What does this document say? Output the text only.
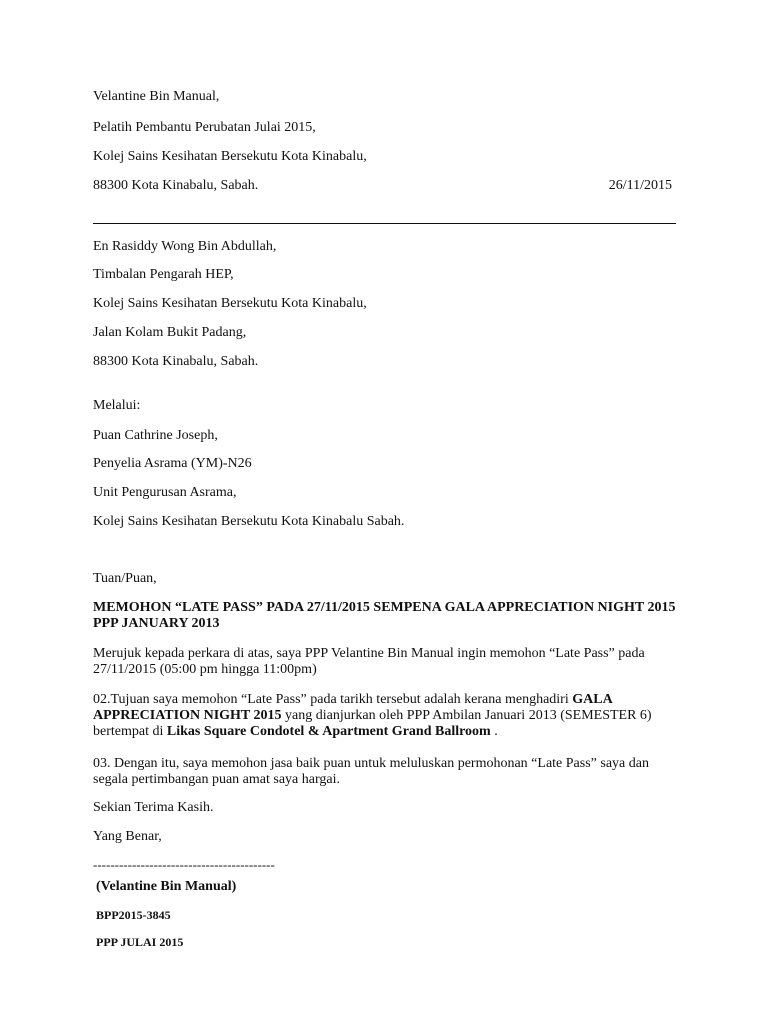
Velantine Bin Manual,
Pelatih Pembantu Perubatan Julai 2015,
Kolej Sains Kesihatan Bersekutu Kota Kinabalu,
88300 Kota Kinabalu, Sabah.	26/11/2015
En Rasiddy Wong Bin Abdullah,
Timbalan Pengarah HEP,
Kolej Sains Kesihatan Bersekutu Kota Kinabalu,
Jalan Kolam Bukit Padang,
88300 Kota Kinabalu, Sabah.
Melalui:
Puan Cathrine Joseph,
Penyelia Asrama (YM)-N26
Unit Pengurusan Asrama,
Kolej Sains Kesihatan Bersekutu Kota Kinabalu Sabah.
Tuan/Puan,
MEMOHON “LATE PASS” PADA 27/11/2015 SEMPENA GALA APPRECIATION NIGHT 2015 PPP JANUARY 2013
Merujuk kepada perkara di atas, saya PPP Velantine Bin Manual ingin memohon “Late Pass” pada 27/11/2015 (05:00 pm hingga 11:00pm)
02.Tujuan saya memohon “Late Pass” pada tarikh tersebut adalah kerana menghadiri GALA APPRECIATION NIGHT 2015 yang dianjurkan oleh PPP Ambilan Januari 2013 (SEMESTER 6) bertempat di Likas Square Condotel & Apartment Grand Ballroom .
03. Dengan itu, saya memohon jasa baik puan untuk meluluskan permohonan “Late Pass” saya dan segala pertimbangan puan amat saya hargai.
Sekian Terima Kasih.
Yang Benar,
------------------------------------------
(Velantine Bin Manual)
BPP2015-3845
PPP JULAI 2015
